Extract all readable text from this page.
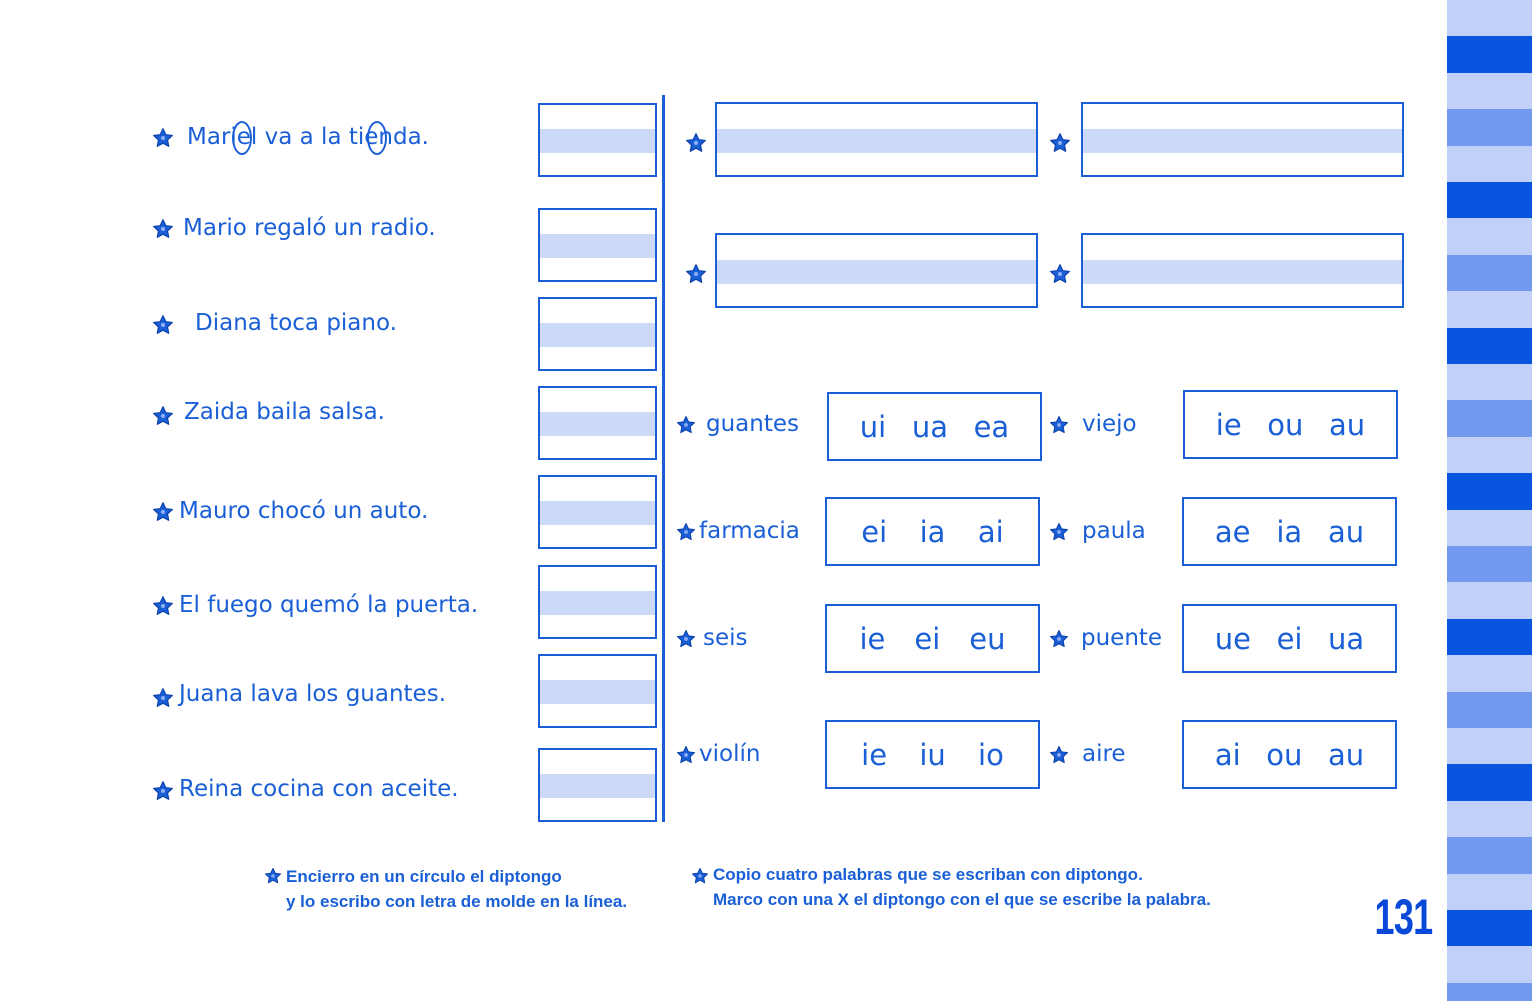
Mariel va a la tienda.
Mario regaló un radio.
Diana toca piano.
Zaida baila salsa.
Mauro chocó un auto.
El fuego quemó la puerta.
Juana lava los guantes.
Reina cocina con aceite.
guantes ui ua ea
farmacia ei ia ai
seis	ie ei eu
violín	ie iu io
viejo	ie ou au
paula ae ia au
puente ue ei ua
aire	ai ou au
Encierro en un círculo el diptongo
y lo escribo con letra de molde en la línea.
Copio cuatro palabras que se escriban con diptongo.
Marco con una X el diptongo con el que se escribe la palabra.	131
